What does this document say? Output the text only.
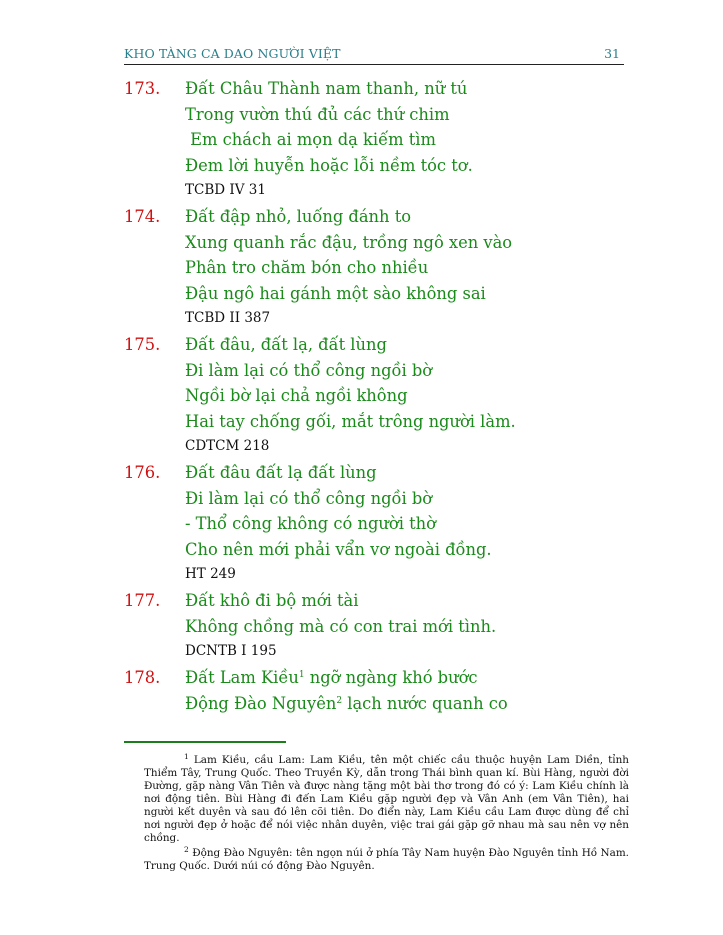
KHO TÀNG CA DAO NGƯỜI VIỆT	31
173. Đất Châu Thành nam thanh, nữ tú
Trong vườn thú đủ các thứ chim
Em chách ai mọn dạ kiếm tìm
Đem lời huyễn hoặc lỗi nềm tóc tơ.
TCBD IV 31
174. Đất đập nhỏ, luống đánh to
Xung quanh rắc đậu, trồng ngô xen vào
Phân tro chăm bón cho nhiều
Đậu ngô hai gánh một sào không sai
TCBD II 387
175. Đất đâu, đất lạ, đất lùng
Đi làm lại có thổ công ngồi bờ
Ngồi bờ lại chả ngồi không
Hai tay chống gối, mắt trông người làm.
CDTCM 218
176. Đất đâu đất lạ đất lùng
Đi làm lại có thổ công ngồi bờ
- Thổ công không có người thờ
Cho nên mới phải vẩn vơ ngoài đồng.
HT 249
177. Đất khô đi bộ mới tài
Không chồng mà có con trai mới tình.
DCNTB I 195
178. Đất Lam Kiều$^1$ ngỡ ngàng khó bước
Động Đào Nguyên$^2$ lạch nước quanh co

$^1$ Lam Kiều, cầu Lam: Lam Kiều, tên một chiếc cầu thuộc huyện Lam Diền, tỉnh Thiểm Tây, Trung Quốc. Theo Truyền Kỳ, dẫn trong Thái bình quan kí. Bùi Hàng, người đời Đường, gặp nàng Vân Tiên và được nàng tặng một bài thơ trong đó có ý: Lam Kiều chính là nơi động tiên. Bùi Hàng đi đến Lam Kiều gặp người đẹp và Vân Anh (em Vân Tiên), hai người kết duyên và sau đó lên cõi tiên. Do điển này, Lam Kiều cầu Lam được dùng để chỉ nơi người đẹp ở hoặc để nói việc nhân duyên, việc trai gái gặp gỡ nhau mà sau nên vợ nên chồng.

$^2$ Động Đào Nguyên: tên ngọn núi ở phía Tây Nam huyện Đào Nguyên tỉnh Hồ Nam. Trung Quốc. Dưới núi có động Đào Nguyên.
